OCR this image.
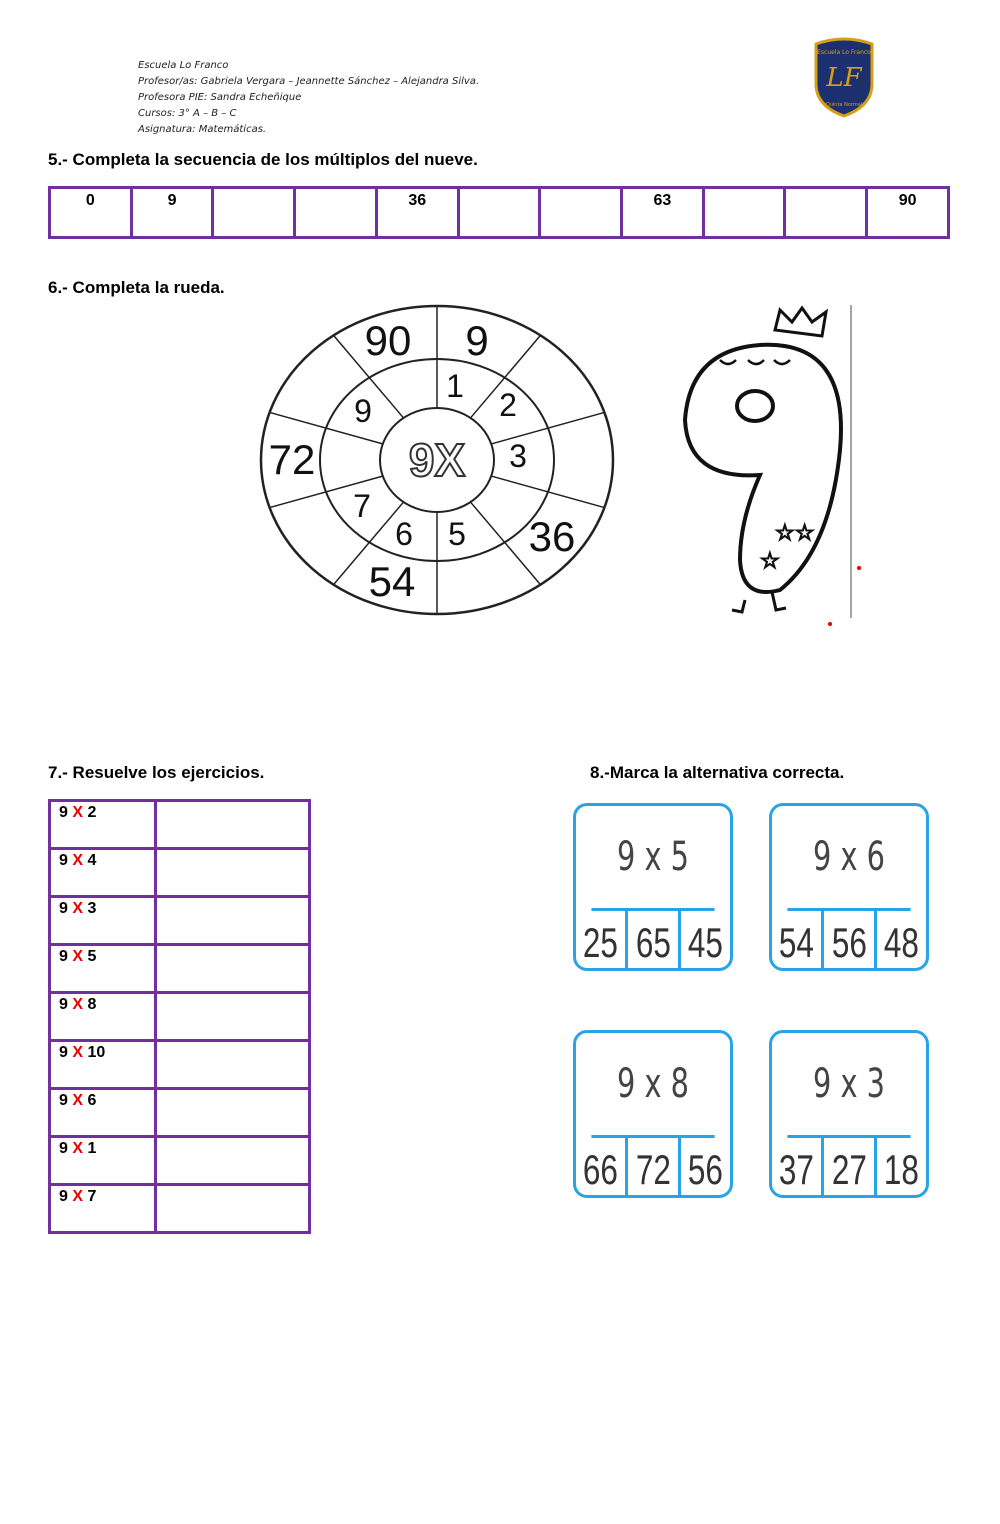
Escuela Lo Franco
Profesor/as: Gabriela Vergara – Jeannette Sánchez – Alejandra Silva.
Profesora PIE: Sandra Echeñique
Cursos: 3° A – B – C
Asignatura: Matemáticas.
LF
Escuela Lo Franco
Quinta Normal
5.- Completa la secuencia de los múltiplos del nueve.
0	9			36			63			90
6.- Completa la rueda.
9X
90 9
72
36
54
1
2
3
5
6
7
9
☆☆
☆
7.- Resuelve los ejercicios.
9 X 2	
9 X 4	
9 X 3	
9 X 5	
9 X 8	
9 X 10	
9 X 6	
9 X 1	
9 X 7	
8.-Marca la alternativa correcta.
9 x 5
25 65 45
9 x 6
54 56 48
9 x 8
66 72 56
9 x 3
37 27 18
